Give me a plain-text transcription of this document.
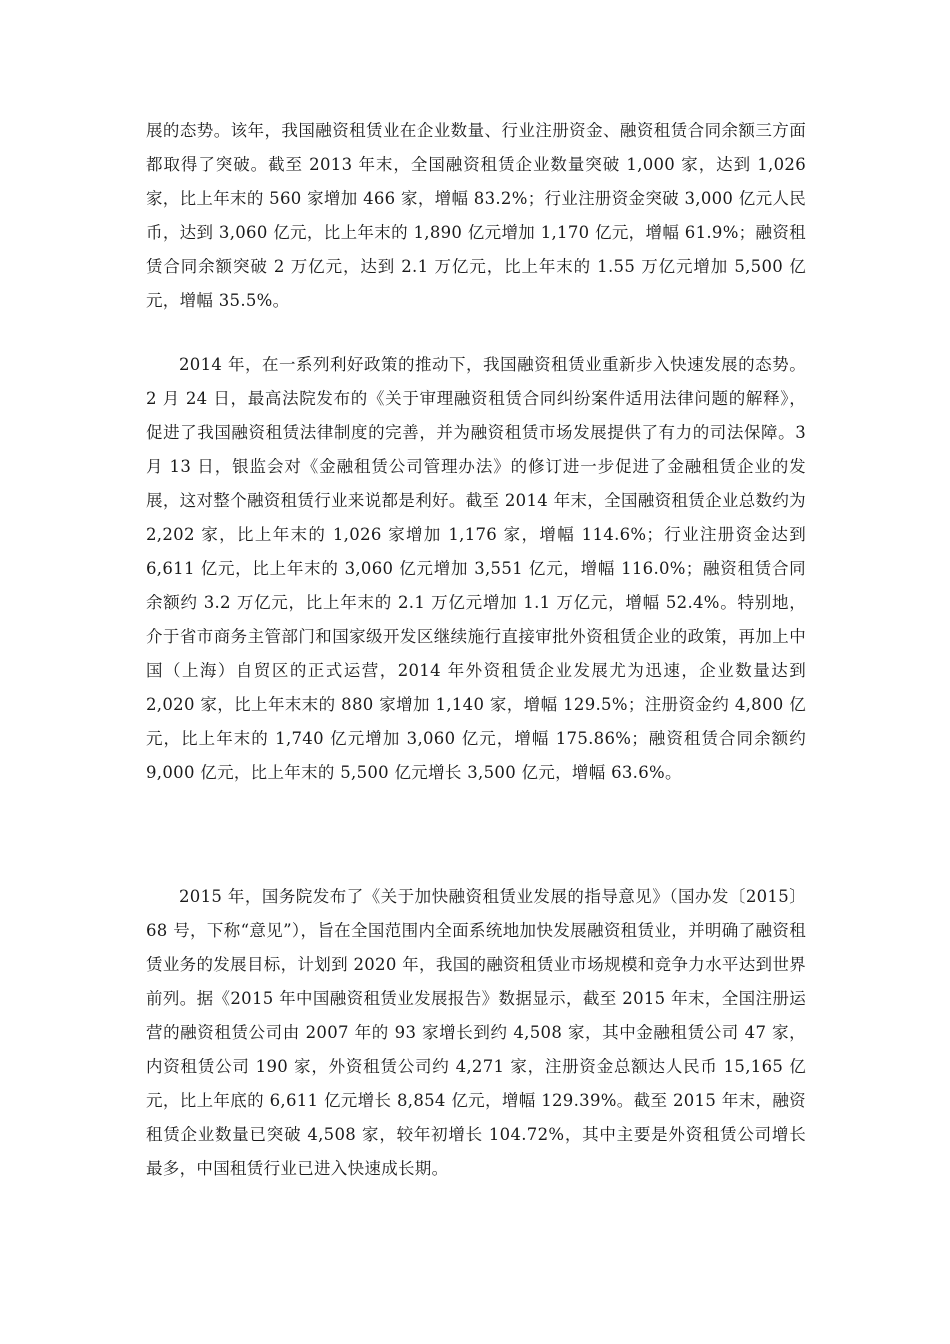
展的态势。该年，我国融资租赁业在企业数量、行业注册资金、融资租赁合同余额三方面都取得了突破。截至 2013 年末，全国融资租赁企业数量突破 1,000 家，达到 1,026 家，比上年末的 560 家增加 466 家，增幅 83.2%；行业注册资金突破 3,000 亿元人民币，达到 3,060 亿元，比上年末的 1,890 亿元增加 1,170 亿元，增幅 61.9%；融资租赁合同余额突破 2 万亿元，达到 2.1 万亿元，比上年末的 1.55 万亿元增加 5,500 亿元，增幅 35.5%。

2014 年，在一系列利好政策的推动下，我国融资租赁业重新步入快速发展的态势。2 月 24 日，最高法院发布的《关于审理融资租赁合同纠纷案件适用法律问题的解释》，促进了我国融资租赁法律制度的完善，并为融资租赁市场发展提供了有力的司法保障。3 月 13 日，银监会对《金融租赁公司管理办法》的修订进一步促进了金融租赁企业的发展，这对整个融资租赁行业来说都是利好。截至 2014 年末，全国融资租赁企业总数约为 2,202 家，比上年末的 1,026 家增加 1,176 家，增幅 114.6%；行业注册资金达到 6,611 亿元，比上年末的 3,060 亿元增加 3,551 亿元，增幅 116.0%；融资租赁合同余额约 3.2 万亿元，比上年末的 2.1 万亿元增加 1.1 万亿元，增幅 52.4%。特别地，介于省市商务主管部门和国家级开发区继续施行直接审批外资租赁企业的政策，再加上中国（上海）自贸区的正式运营，2014 年外资租赁企业发展尤为迅速，企业数量达到 2,020 家，比上年末末的 880 家增加 1,140 家，增幅 129.5%；注册资金约 4,800 亿元，比上年末的 1,740 亿元增加 3,060 亿元，增幅 175.86%；融资租赁合同余额约 9,000 亿元，比上年末的 5,500 亿元增长 3,500 亿元，增幅 63.6%。

2015 年，国务院发布了《关于加快融资租赁业发展的指导意见》（国办发〔2015〕68 号，下称“意见”），旨在全国范围内全面系统地加快发展融资租赁业，并明确了融资租赁业务的发展目标，计划到 2020 年，我国的融资租赁业市场规模和竞争力水平达到世界前列。据《2015 年中国融资租赁业发展报告》数据显示，截至 2015 年末，全国注册运营的融资租赁公司由 2007 年的 93 家增长到约 4,508 家，其中金融租赁公司 47 家，内资租赁公司 190 家，外资租赁公司约 4,271 家，注册资金总额达人民币 15,165 亿元，比上年底的 6,611 亿元增长 8,854 亿元，增幅 129.39%。截至 2015 年末，融资租赁企业数量已突破 4,508 家，较年初增长 104.72%，其中主要是外资租赁公司增长最多，中国租赁行业已进入快速成长期。
